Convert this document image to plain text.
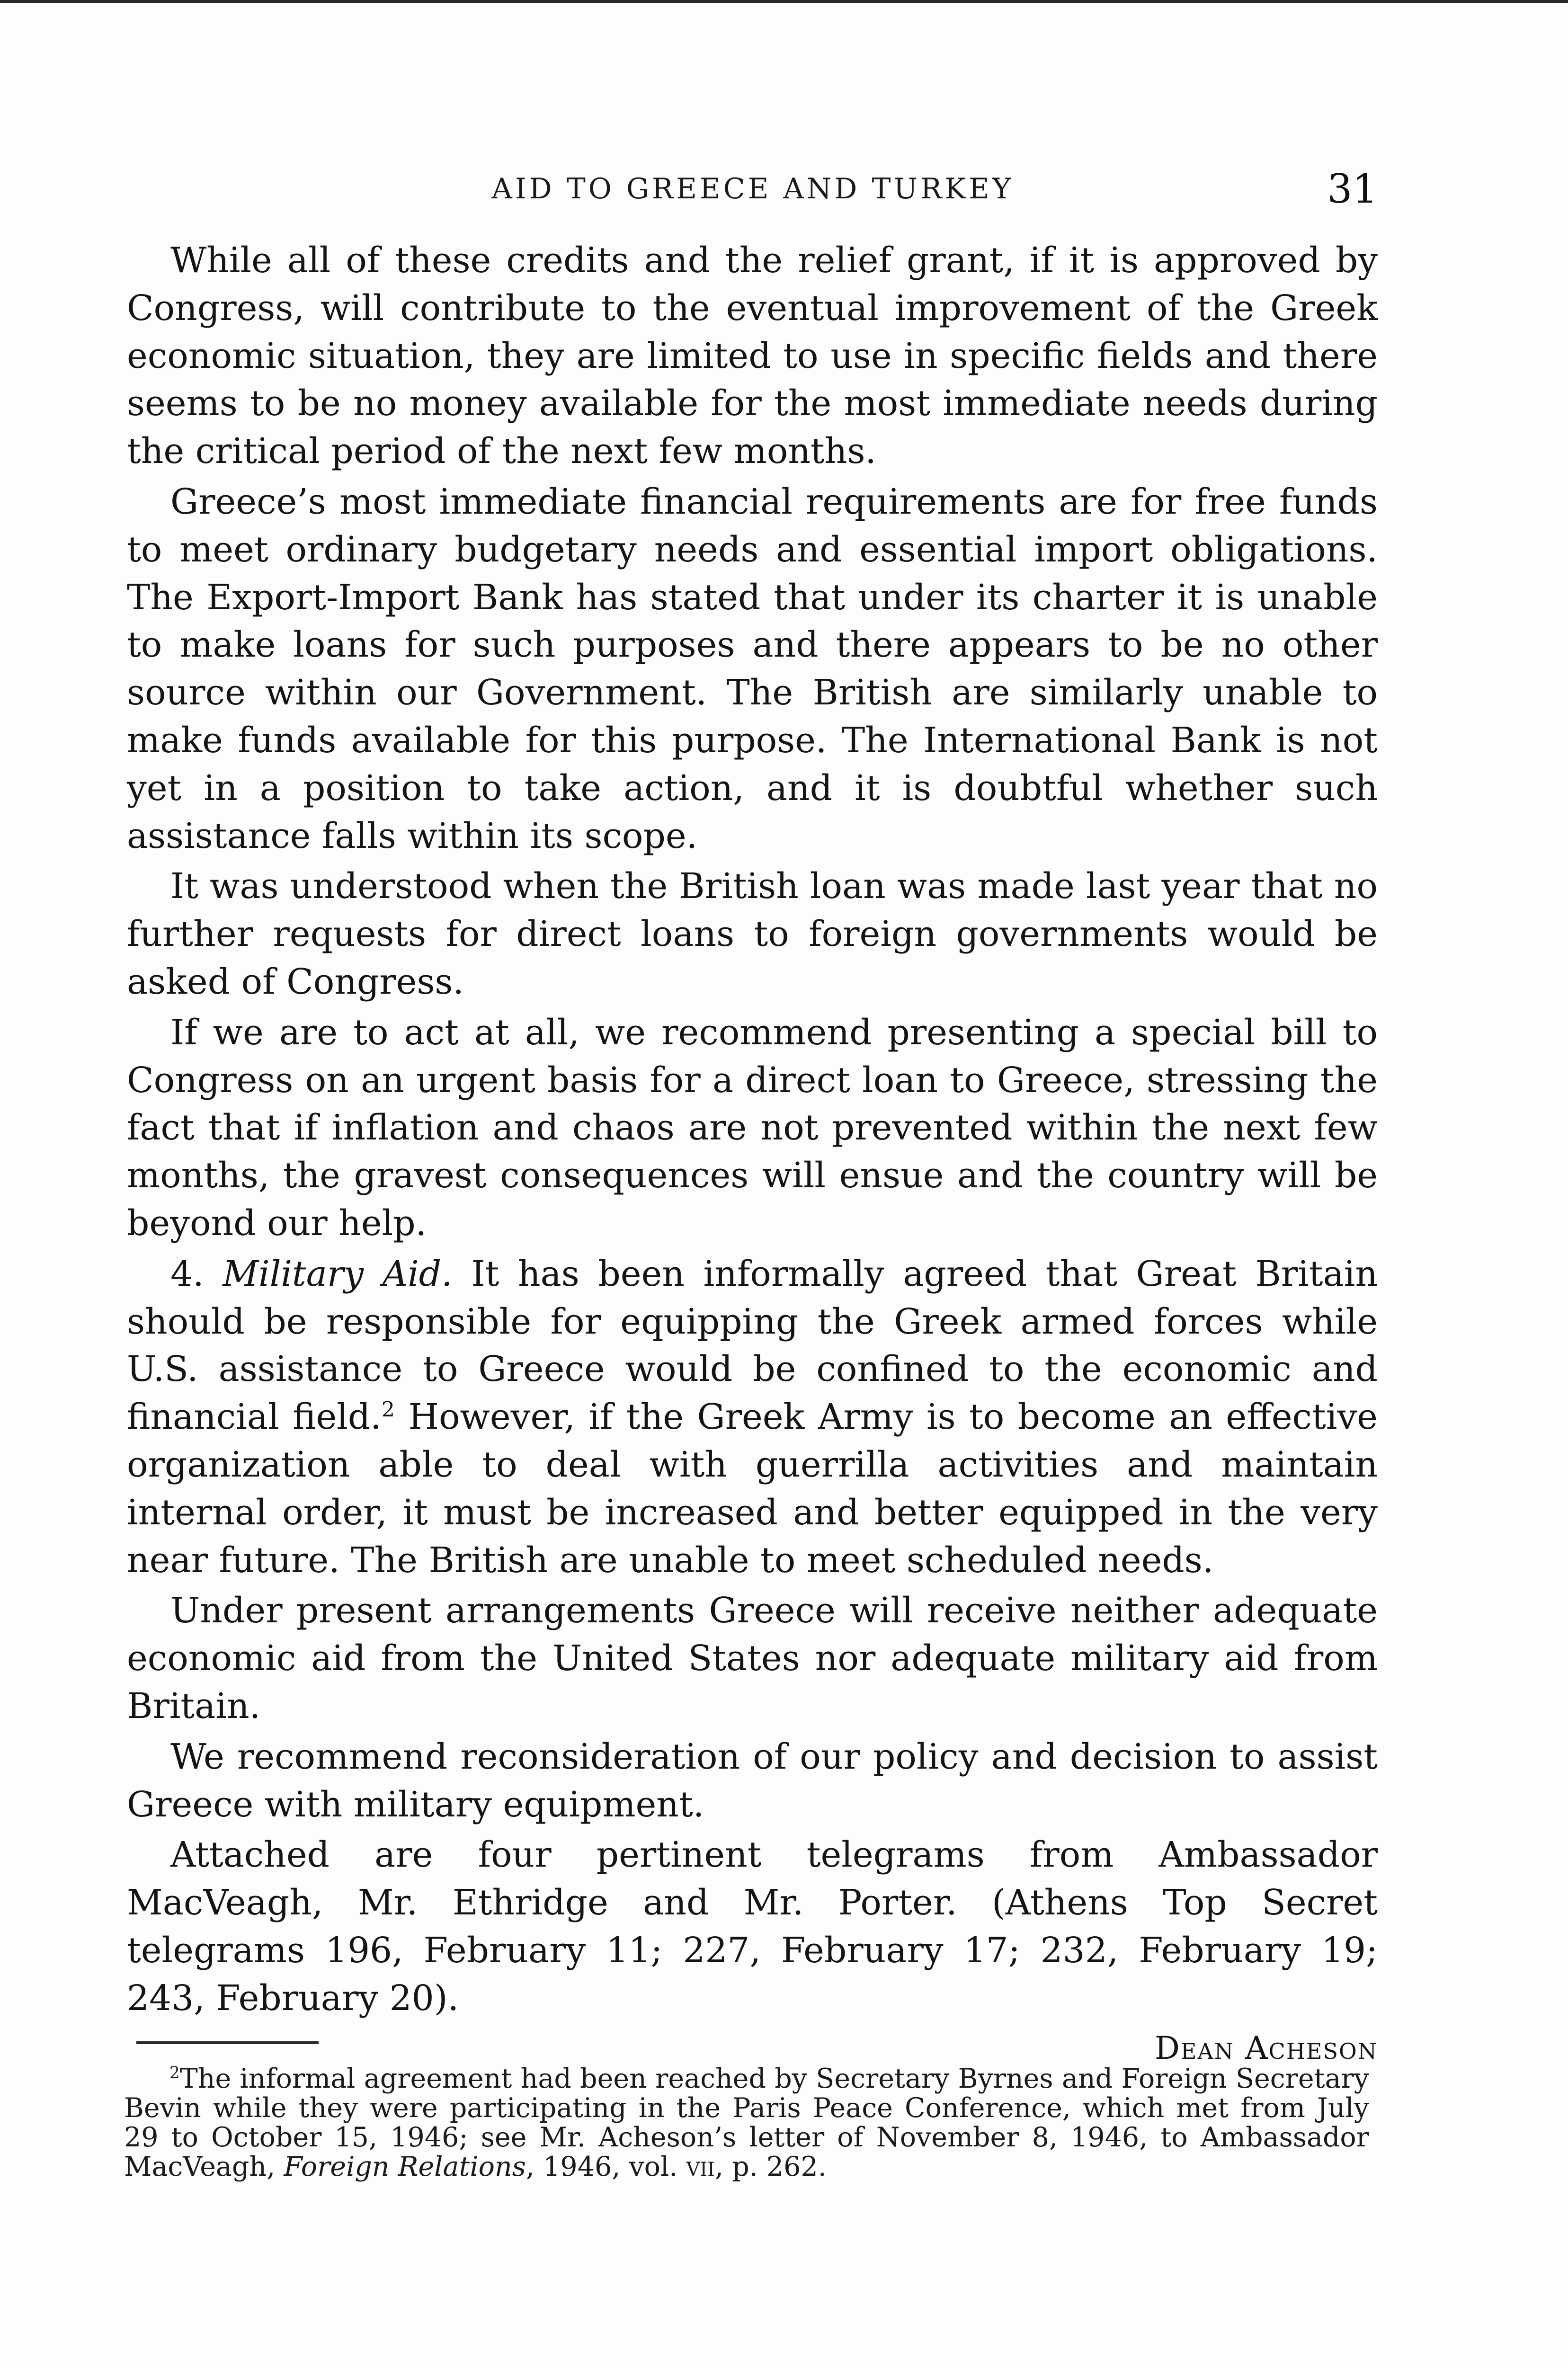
AID TO GREECE AND TURKEY	31

While all of these credits and the relief grant, if it is approved by Congress, will contribute to the eventual improvement of the Greek economic situation, they are limited to use in specific fields and there seems to be no money available for the most immediate needs during the critical period of the next few months.

Greece’s most immediate financial requirements are for free funds to meet ordinary budgetary needs and essential import obligations. The Export-Import Bank has stated that under its charter it is unable to make loans for such purposes and there appears to be no other source within our Government. The British are similarly unable to make funds available for this purpose. The International Bank is not yet in a position to take action, and it is doubtful whether such assistance falls within its scope.

It was understood when the British loan was made last year that no further requests for direct loans to foreign governments would be asked of Congress.

If we are to act at all, we recommend presenting a special bill to Congress on an urgent basis for a direct loan to Greece, stressing the fact that if inflation and chaos are not prevented within the next few months, the gravest consequences will ensue and the country will be beyond our help.

4. Military Aid. It has been informally agreed that Great Britain should be responsible for equipping the Greek armed forces while U.S. assistance to Greece would be confined to the economic and financial field.$^2$ However, if the Greek Army is to become an effective organization able to deal with guerrilla activities and maintain internal order, it must be increased and better equipped in the very near future. The British are unable to meet scheduled needs.

Under present arrangements Greece will receive neither adequate economic aid from the United States nor adequate military aid from Britain.

We recommend reconsideration of our policy and decision to assist Greece with military equipment.

Attached are four pertinent telegrams from Ambassador MacVeagh, Mr. Ethridge and Mr. Porter. (Athens Top Secret telegrams 196, February 11; 227, February 17; 232, February 19; 243, February 20).

Dean Acheson

$^2$The informal agreement had been reached by Secretary Byrnes and Foreign Secretary Bevin while they were participating in the Paris Peace Conference, which met from July 29 to October 15, 1946; see Mr. Acheson’s letter of November 8, 1946, to Ambassador MacVeagh, Foreign Relations, 1946, vol. vii, p. 262.
